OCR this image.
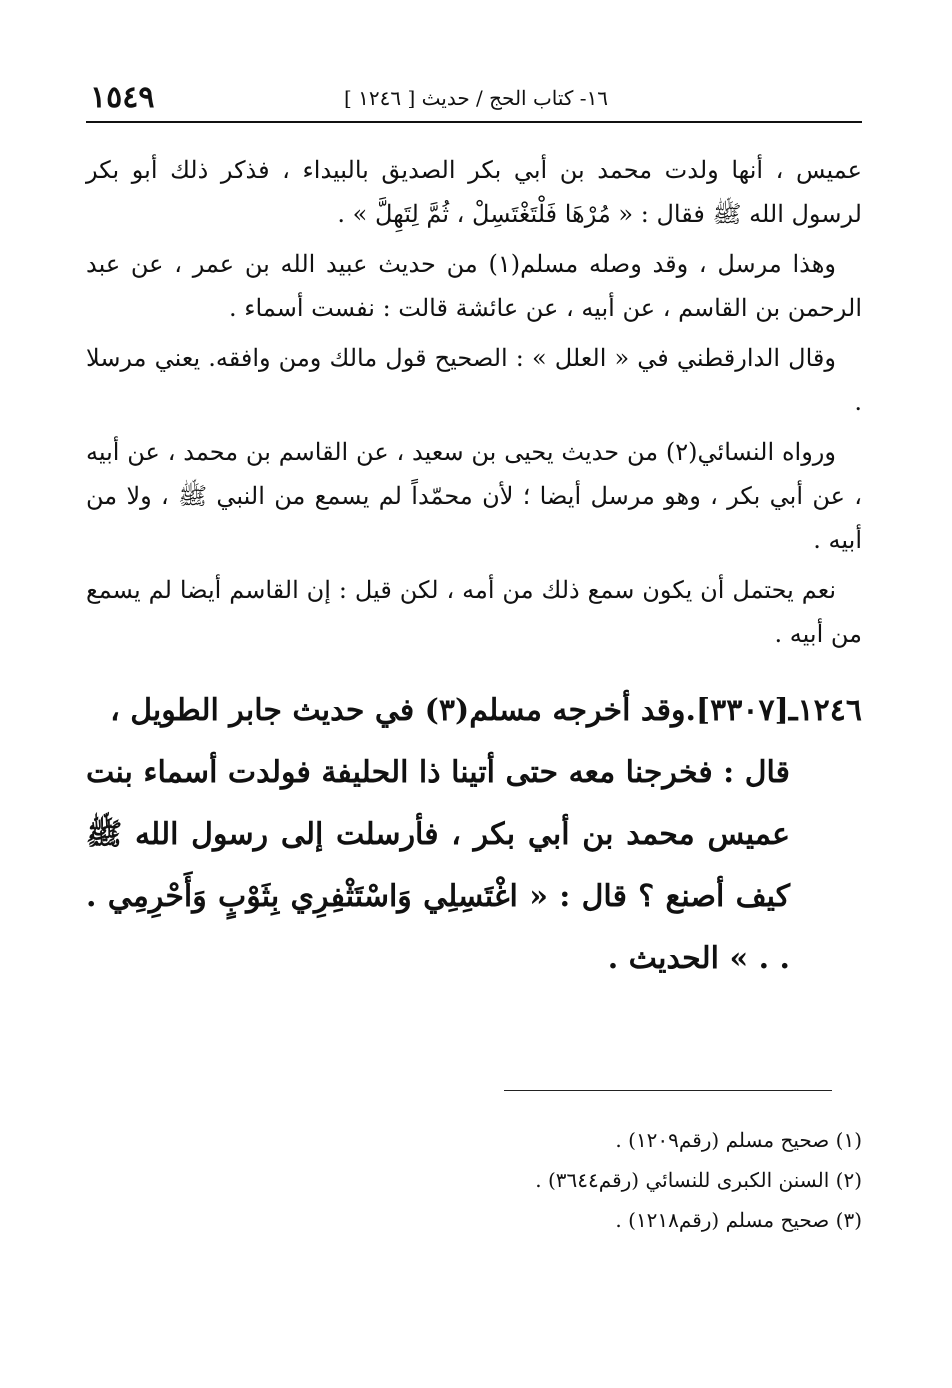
١٦- كتاب الحج / حديث [ ١٢٤٦ ]
١٥٤٩

عميس ، أنها ولدت محمد بن أبي بكر الصديق بالبيداء ، فذكر ذلك أبو بكر لرسول الله ﷺ فقال : « مُرْهَا فَلْتَغْتَسِلْ ، ثُمَّ لِتَهِلَّ » .

وهذا مرسل ، وقد وصله مسلم(١) من حديث عبيد الله بن عمر ، عن عبد الرحمن بن القاسم ، عن أبيه ، عن عائشة قالت : نفست أسماء .

وقال الدارقطني في « العلل » : الصحيح قول مالك ومن وافقه. يعني مرسلا .

ورواه النسائي(٢) من حديث يحيى بن سعيد ، عن القاسم بن محمد ، عن أبيه ، عن أبي بكر ، وهو مرسل أيضا ؛ لأن محمّداً لم يسمع من النبي ﷺ ، ولا من أبيه .

نعم يحتمل أن يكون سمع ذلك من أمه ، لكن قيل : إن القاسم أيضا لم يسمع من أبيه .

١٢٤٦ـ[٣٣٠٧].وقد أخرجه مسلم(٣) في حديث جابر الطويل ،
قال : فخرجنا معه حتى أتينا ذا الحليفة فولدت أسماء بنت عميس محمد بن أبي بكر ، فأرسلت إلى رسول الله ﷺ كيف أصنع ؟ قال : « اغْتَسِلِي وَاسْتَثْفِرِي بِثَوْبٍ وَأَحْرِمِي . . . » الحديث .

(١) صحيح مسلم (رقم١٢٠٩) .

(٢) السنن الكبرى للنسائي (رقم٣٦٤٤) .

(٣) صحيح مسلم (رقم١٢١٨) .
